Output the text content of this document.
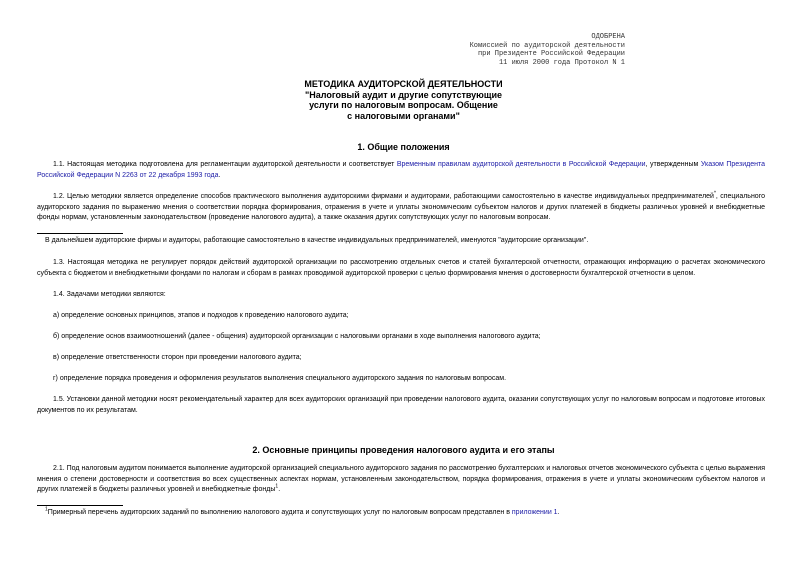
ОДОБРЕНА
Комиссией по аудиторской деятельности
при Президенте Российской Федерации
11 июля 2000 года Протокол N 1
МЕТОДИКА АУДИТОРСКОЙ ДЕЯТЕЛЬНОСТИ
"Налоговый аудит и другие сопутствующие
услуги по налоговым вопросам. Общение
с налоговыми органами"
1. Общие положения
1.1. Настоящая методика подготовлена для регламентации аудиторской деятельности и соответствует Временным правилам аудиторской деятельности в Российской Федерации, утвержденным Указом Президента Российской Федерации N 2263 от 22 декабря 1993 года.
1.2. Целью методики является определение способов практического выполнения аудиторскими фирмами и аудиторами, работающими самостоятельно в качестве индивидуальных предпринимателей*, специального аудиторского задания по выражению мнения о соответствии порядка формирования, отражения в учете и уплаты экономическим субъектом налогов и других платежей в бюджеты различных уровней и внебюджетные фонды нормам, установленным законодательством (проведение налогового аудита), а также оказания других сопутствующих услуг по налоговым вопросам.
В дальнейшем аудиторские фирмы и аудиторы, работающие самостоятельно в качестве индивидуальных предпринимателей, именуются "аудиторские организации".
1.3. Настоящая методика не регулирует порядок действий аудиторской организации по рассмотрению отдельных счетов и статей бухгалтерской отчетности, отражающих информацию о расчетах экономического субъекта с бюджетом и внебюджетными фондами по налогам и сборам в рамках проводимой аудиторской проверки с целью формирования мнения о достоверности бухгалтерской отчетности в целом.
1.4. Задачами методики являются:
а) определение основных принципов, этапов и подходов к проведению налогового аудита;
б) определение основ взаимоотношений (далее - общения) аудиторской организации с налоговыми органами в ходе выполнения налогового аудита;
в) определение ответственности сторон при проведении налогового аудита;
г) определение порядка проведения и оформления результатов выполнения специального аудиторского задания по налоговым вопросам.
1.5. Установки данной методики носят рекомендательный характер для всех аудиторских организаций при проведении налогового аудита, оказании сопутствующих услуг по налоговым вопросам и подготовке итоговых документов по их результатам.
2. Основные принципы проведения налогового аудита и его этапы
2.1. Под налоговым аудитом понимается выполнение аудиторской организацией специального аудиторского задания по рассмотрению бухгалтерских и налоговых отчетов экономического субъекта с целью выражения мнения о степени достоверности и соответствия во всех существенных аспектах нормам, установленным законодательством, порядка формирования, отражения в учете и уплаты экономическим субъектом налогов и других платежей в бюджеты различных уровней и внебюджетные фонды$^1$.
$^1$Примерный перечень аудиторских заданий по выполнению налогового аудита и сопутствующих услуг по налоговым вопросам представлен в приложении 1.
